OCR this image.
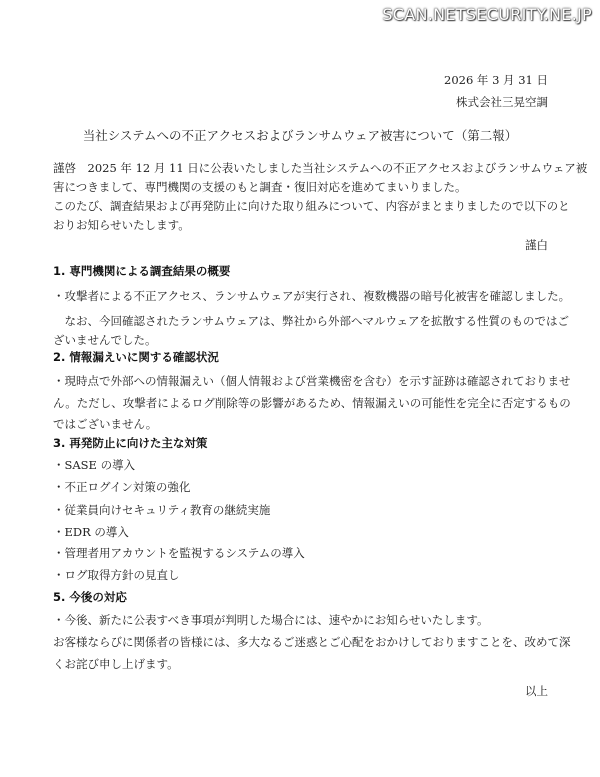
SCAN.NETSECURITY.NE.JP
2026 年 3 月 31 日
株式会社三晃空調
当社システムへの不正アクセスおよびランサムウェア被害について（第二報）
謹啓　2025 年 12 月 11 日に公表いたしました当社システムへの不正アクセスおよびランサムウェア被
害につきまして、専門機関の支援のもと調査・復旧対応を進めてまいりました。
このたび、調査結果および再発防止に向けた取り組みについて、内容がまとまりましたので以下のと
おりお知らせいたします。
謹白
1. 専門機関による調査結果の概要
・攻撃者による不正アクセス、ランサムウェアが実行され、複数機器の暗号化被害を確認しました。
　なお、今回確認されたランサムウェアは、弊社から外部へマルウェアを拡散する性質のものではご
ざいませんでした。
2. 情報漏えいに関する確認状況
・現時点で外部への情報漏えい（個人情報および営業機密を含む）を示す証跡は確認されておりませ
ん。ただし、攻撃者によるログ削除等の影響があるため、情報漏えいの可能性を完全に否定するもの
ではございません。
3. 再発防止に向けた主な対策
・SASE の導入
・不正ログイン対策の強化
・従業員向けセキュリティ教育の継続実施
・EDR の導入
・管理者用アカウントを監視するシステムの導入
・ログ取得方針の見直し
5. 今後の対応
・今後、新たに公表すべき事項が判明した場合には、速やかにお知らせいたします。
お客様ならびに関係者の皆様には、多大なるご迷惑とご心配をおかけしておりますことを、改めて深
くお詫び申し上げます。
以上
